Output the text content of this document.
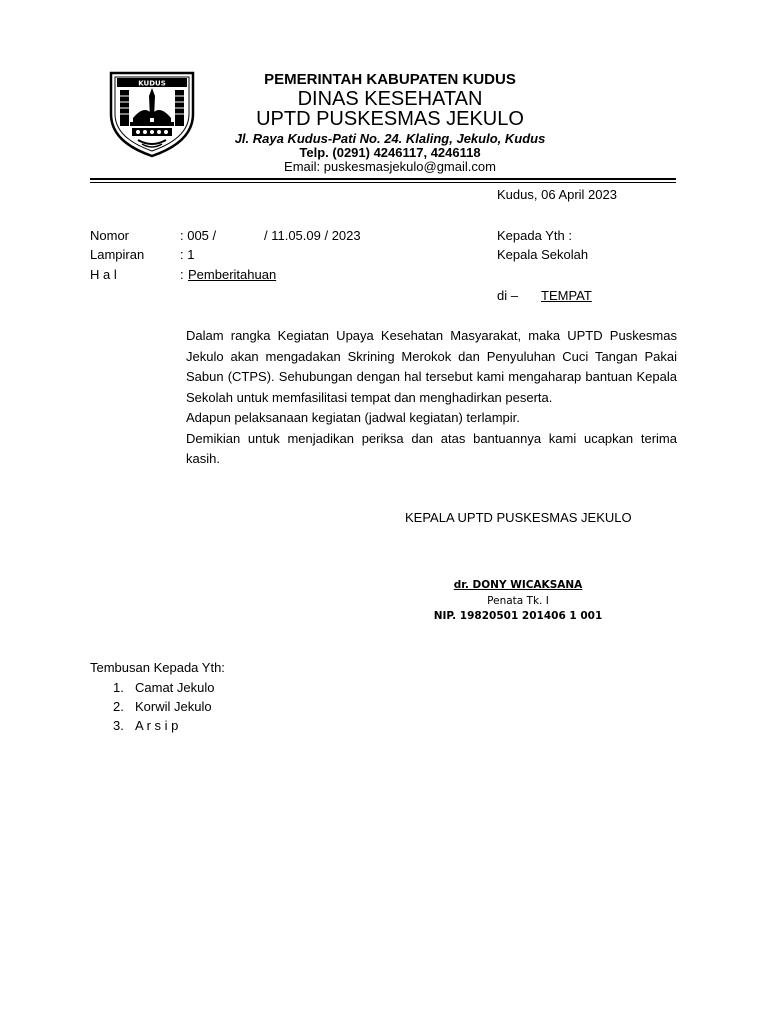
KUDUS	PEMERINTAH KABUPATEN KUDUS
DINAS KESEHATAN
UPTD PUSKESMAS JEKULO
Jl. Raya Kudus-Pati No. 24. Klaling, Jekulo, Kudus
Telp. (0291) 4246117, 4246118
Email: puskesmasjekulo@gmail.com
Kudus, 06 April 2023
Nomor	: 005 /	/ 11.05.09 / 2023
Lampiran	: 1
H a l	: Pemberitahuan
Kepada Yth :
Kepala Sekolah
di – TEMPAT

Dalam rangka Kegiatan Upaya Kesehatan Masyarakat, maka UPTD Puskesmas Jekulo akan mengadakan Skrining Merokok dan Penyuluhan Cuci Tangan Pakai Sabun (CTPS). Sehubungan dengan hal tersebut kami mengaharap bantuan Kepala Sekolah untuk memfasilitasi tempat dan menghadirkan peserta.

Adapun pelaksanaan kegiatan (jadwal kegiatan) terlampir.

Demikian untuk menjadikan periksa dan atas bantuannya kami ucapkan terima kasih.

KEPALA UPTD PUSKESMAS JEKULO
dr. DONY WICAKSANA
Penata Tk. I
NIP. 19820501 201406 1 001
Tembusan Kepada Yth:
1. Camat Jekulo
2. Korwil Jekulo
3. A r s i p
